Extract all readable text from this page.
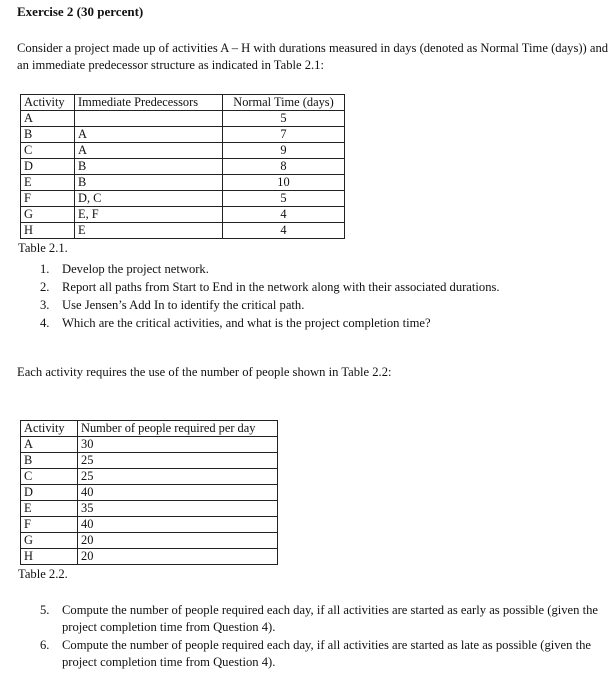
Exercise 2 (30 percent)
Consider a project made up of activities A – H with durations measured in days (denoted as Normal Time (days)) and an immediate predecessor structure as indicated in Table 2.1:
Activity	Immediate Predecessors	Normal Time (days)
A		5
B	A	7
C	A	9
D	B	8
E	B	10
F	D, C	5
G	E, F	4
H	E	4
Table 2.1.
1. Develop the project network.
2. Report all paths from Start to End in the network along with their associated durations.
3. Use Jensen’s Add In to identify the critical path.
4. Which are the critical activities, and what is the project completion time?
Each activity requires the use of the number of people shown in Table 2.2:
Activity	Number of people required per day
A	30
B	25
C	25
D	40
E	35
F	40
G	20
H	20
Table 2.2.
5. Compute the number of people required each day, if all activities are started as early as possible (given the project completion time from Question 4).
6. Compute the number of people required each day, if all activities are started as late as possible (given the project completion time from Question 4).
